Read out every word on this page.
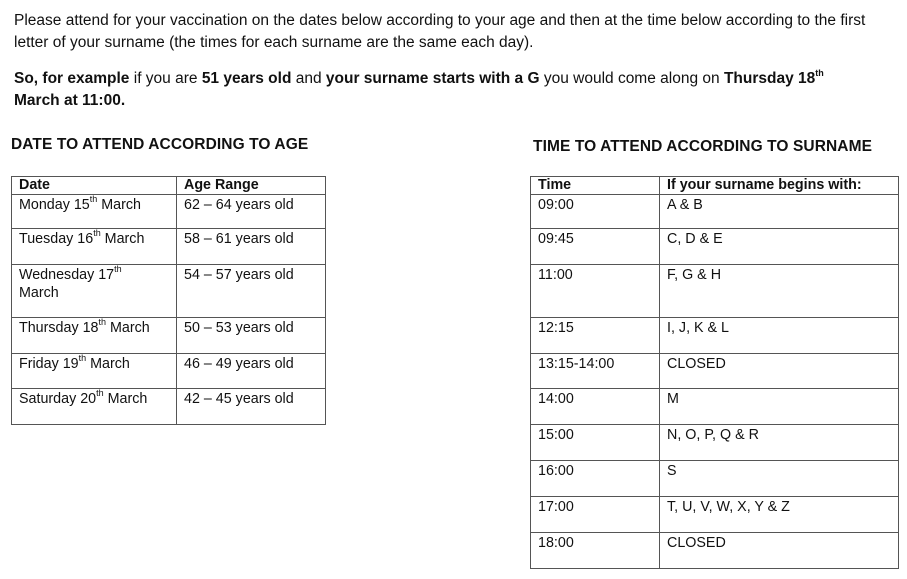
Please attend for your vaccination on the dates below according to your age and then at the time below according to the first letter of your surname (the times for each surname are the same each day).

So, for example if you are 51 years old and your surname starts with a G you would come along on Thursday 18th
March at 11:00.

DATE TO ATTEND ACCORDING TO AGE	TIME TO ATTEND ACCORDING TO SURNAME
Date	Age Range
Monday 15th March	62 – 64 years old
Tuesday 16th March	58 – 61 years old
Wednesday 17th
March	54 – 57 years old
Thursday 18th March	50 – 53 years old
Friday 19th March	46 – 49 years old
Saturday 20th March	42 – 45 years old
Time	If your surname begins with:
09:00	A & B
09:45	C, D & E
11:00	F, G & H
12:15	I, J, K & L
13:15-14:00	CLOSED
14:00	M
15:00	N, O, P, Q & R
16:00	S
17:00	T, U, V, W, X, Y & Z
18:00	CLOSED
